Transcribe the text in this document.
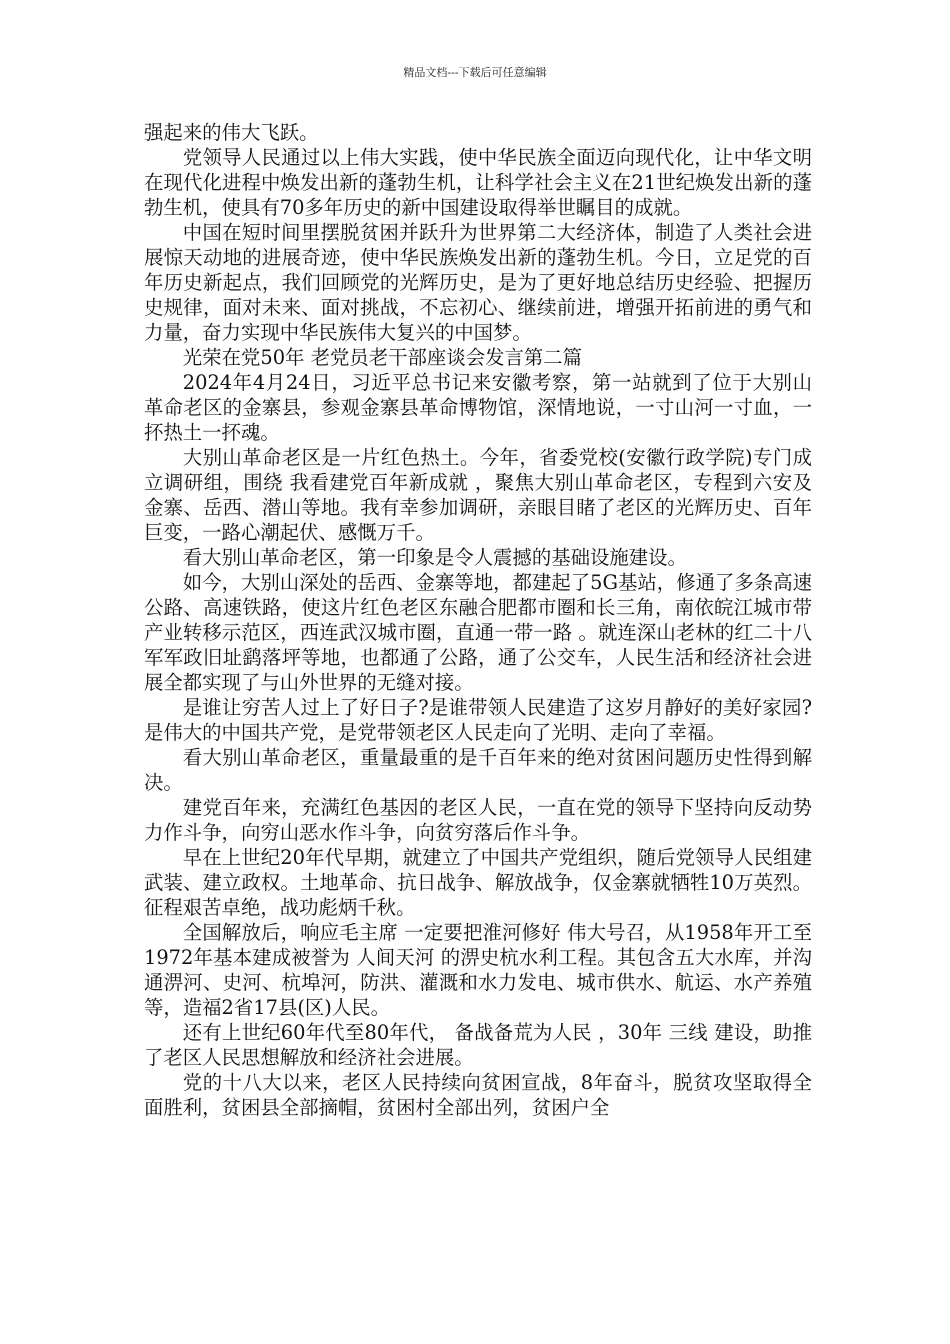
精品文档---下载后可任意编辑

强起来的伟大飞跃。

党领导人民通过以上伟大实践，使中华民族全面迈向现代化，让中华文明在现代化进程中焕发出新的蓬勃生机，让科学社会主义在21世纪焕发出新的蓬勃生机，使具有70多年历史的新中国建设取得举世瞩目的成就。

中国在短时间里摆脱贫困并跃升为世界第二大经济体，制造了人类社会进展惊天动地的进展奇迹，使中华民族焕发出新的蓬勃生机。今日，立足党的百年历史新起点，我们回顾党的光辉历史，是为了更好地总结历史经验、把握历史规律，面对未来、面对挑战，不忘初心、继续前进，增强开拓前进的勇气和力量，奋力实现中华民族伟大复兴的中国梦。

光荣在党50年 老党员老干部座谈会发言第二篇

2024年4月24日，习近平总书记来安徽考察，第一站就到了位于大别山革命老区的金寨县，参观金寨县革命博物馆，深情地说，一寸山河一寸血，一抔热土一抔魂。

大别山革命老区是一片红色热土。今年，省委党校(安徽行政学院)专门成立调研组，围绕 我看建党百年新成就 ，聚焦大别山革命老区，专程到六安及金寨、岳西、潜山等地。我有幸参加调研，亲眼目睹了老区的光辉历史、百年巨变，一路心潮起伏、感慨万千。

看大别山革命老区，第一印象是令人震撼的基础设施建设。

如今，大别山深处的岳西、金寨等地，都建起了5G基站，修通了多条高速公路、高速铁路，使这片红色老区东融合肥都市圈和长三角，南依皖江城市带产业转移示范区，西连武汉城市圈，直通一带一路 。就连深山老林的红二十八军军政旧址鹞落坪等地，也都通了公路，通了公交车，人民生活和经济社会进展全都实现了与山外世界的无缝对接。

是谁让穷苦人过上了好日子?是谁带领人民建造了这岁月静好的美好家园?是伟大的中国共产党，是党带领老区人民走向了光明、走向了幸福。

看大别山革命老区，重量最重的是千百年来的绝对贫困问题历史性得到解决。

建党百年来，充满红色基因的老区人民，一直在党的领导下坚持向反动势力作斗争，向穷山恶水作斗争，向贫穷落后作斗争。

早在上世纪20年代早期，就建立了中国共产党组织，随后党领导人民组建武装、建立政权。土地革命、抗日战争、解放战争，仅金寨就牺牲10万英烈。征程艰苦卓绝，战功彪炳千秋。

全国解放后，响应毛主席 一定要把淮河修好 伟大号召，从1958年开工至1972年基本建成被誉为 人间天河 的淠史杭水利工程。其包含五大水库，并沟通淠河、史河、杭埠河，防洪、灌溉和水力发电、城市供水、航运、水产养殖等，造福2省17县(区)人民。

还有上世纪60年代至80年代， 备战备荒为人民 ，30年 三线 建设，助推了老区人民思想解放和经济社会进展。

党的十八大以来，老区人民持续向贫困宣战，8年奋斗，脱贫攻坚取得全面胜利，贫困县全部摘帽，贫困村全部出列，贫困户全
